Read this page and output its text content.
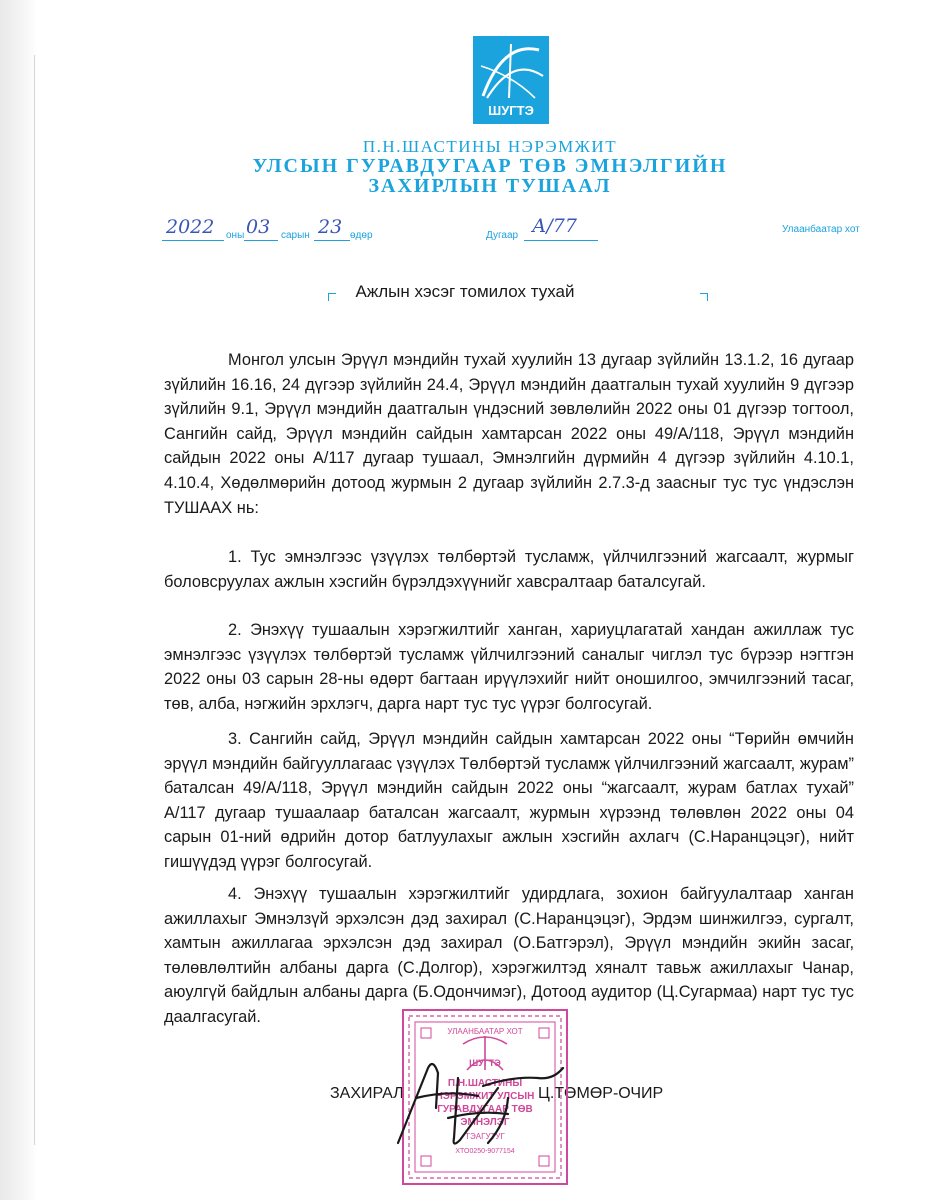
ШУГТЭ
П.Н.ШАСТИНЫ НЭРЭМЖИТ
УЛСЫН ГУРАВДУГААР ТӨВ ЭМНЭЛГИЙН
ЗАХИРЛЫН ТУШААЛ
2022 оны 03 сарын 23 өдөр	Дугаар А/77	Улаанбаатар хот
Ажлын хэсэг томилох тухай
Монгол улсын Эрүүл мэндийн тухай хуулийн 13 дугаар зүйлийн 13.1.2, 16 дугаар зүйлийн 16.16, 24 дүгээр зүйлийн 24.4, Эрүүл мэндийн даатгалын тухай хуулийн 9 дүгээр зүйлийн 9.1, Эрүүл мэндийн даатгалын үндэсний зөвлөлийн 2022 оны 01 дүгээр тогтоол, Сангийн сайд, Эрүүл мэндийн сайдын хамтарсан 2022 оны 49/А/118, Эрүүл мэндийн сайдын 2022 оны А/117 дугаар тушаал, Эмнэлгийн дүрмийн 4 дүгээр зүйлийн 4.10.1, 4.10.4, Хөдөлмөрийн дотоод журмын 2 дугаар зүйлийн 2.7.3-д заасныг тус тус үндэслэн ТУШААХ нь:
1. Тус эмнэлгээс үзүүлэх төлбөртэй тусламж, үйлчилгээний жагсаалт, журмыг боловсруулах ажлын хэсгийн бүрэлдэхүүнийг хавсралтаар баталсугай.
2. Энэхүү тушаалын хэрэгжилтийг ханган, хариуцлагатай хандан ажиллаж тус эмнэлгээс үзүүлэх төлбөртэй тусламж үйлчилгээний саналыг чиглэл тус бүрээр нэгтгэн 2022 оны 03 сарын 28-ны өдөрт багтаан ирүүлэхийг нийт оношилгоо, эмчилгээний тасаг, төв, алба, нэгжийн эрхлэгч, дарга нарт тус тус үүрэг болгосугай.
3. Сангийн сайд, Эрүүл мэндийн сайдын хамтарсан 2022 оны “Төрийн өмчийн эрүүл мэндийн байгууллагаас үзүүлэх Төлбөртэй тусламж үйлчилгээний жагсаалт, журам” баталсан 49/А/118, Эрүүл мэндийн сайдын 2022 оны “жагсаалт, журам батлах тухай” А/117 дугаар тушаалаар баталсан жагсаалт, журмын хүрээнд төлөвлөн 2022 оны 04 сарын 01-ний өдрийн дотор батлуулахыг ажлын хэсгийн ахлагч (С.Наранцэцэг), нийт гишүүдэд үүрэг болгосугай.
4. Энэхүү тушаалын хэрэгжилтийг удирдлага, зохион байгуулалтаар ханган ажиллахыг Эмнэлзүй эрхэлсэн дэд захирал (С.Наранцэцэг), Эрдэм шинжилгээ, сургалт, хамтын ажиллагаа эрхэлсэн дэд захирал (О.Батгэрэл), Эрүүл мэндийн экийн засаг, төлөвлөлтийн албаны дарга (С.Долгор), хэрэгжилтэд хяналт тавьж ажиллахыг Чанар, аюулгүй байдлын албаны дарга (Б.Одончимэг), Дотоод аудитор (Ц.Сугармаа) нарт тус тус даалгасугай.
ЗАХИРАЛ	Ц.ТӨМӨР-ОЧИР
УЛААНБААТАР ХОТ
ШУГТЭ
П.Н.ШАСТИНЫ
НЭРЭМЖИТ УЛСЫН
ГУРАВДУГААР ТӨВ
ЭМНЭЛЭГ
ТЭАГУТУГ
ХТО0250-9077154
